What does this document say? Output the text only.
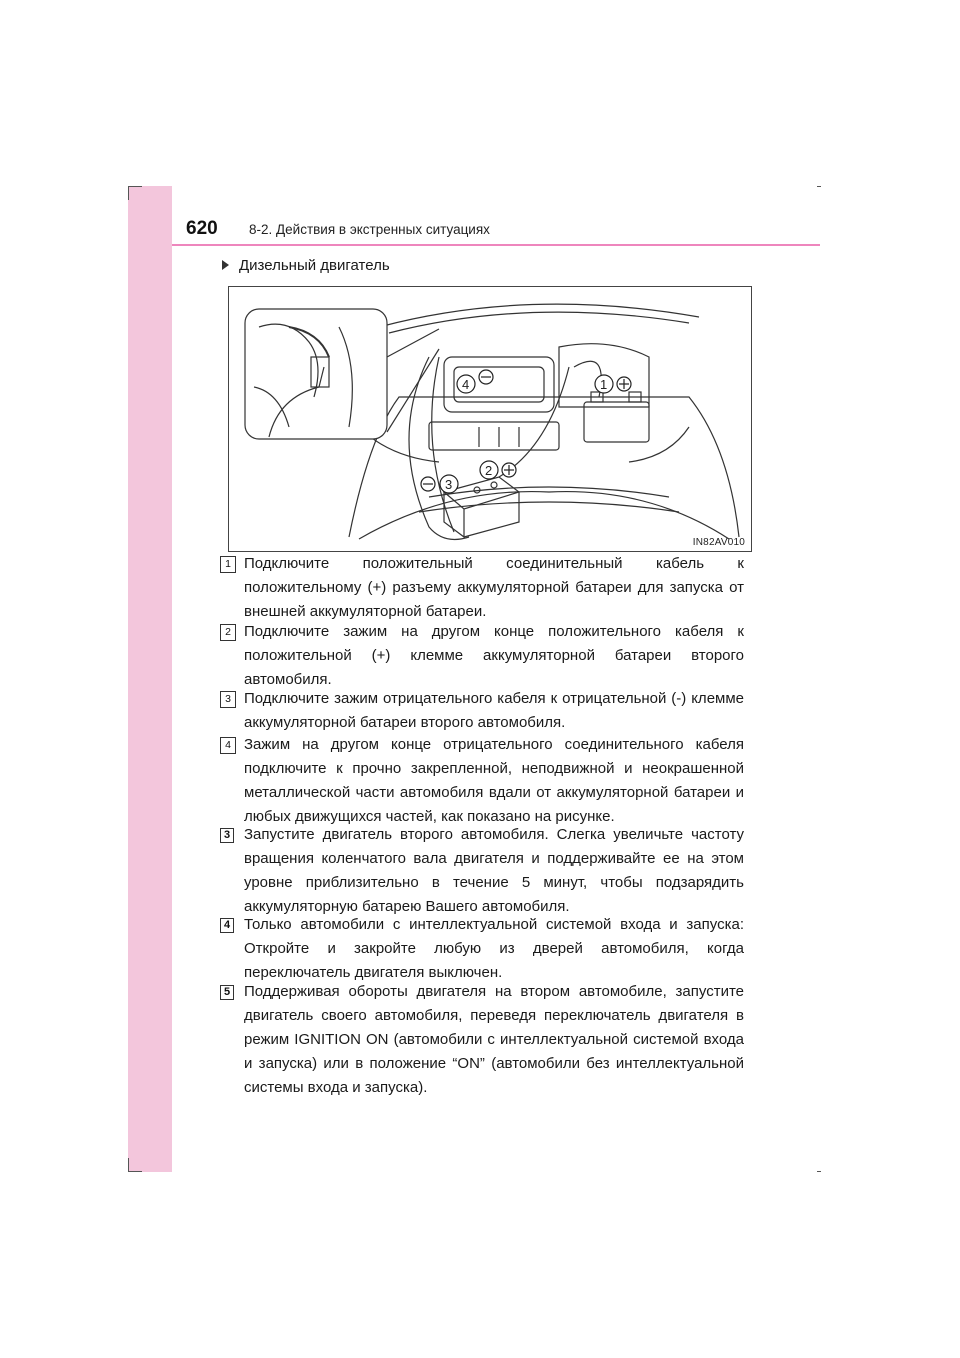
620 8-2. Действия в экстренных ситуациях
Дизельный двигатель
4	1
2
3
IN82AV010
1 Подключите положительный соединительный кабель к положительному (+) разъему аккумуляторной батареи для запуска от внешней аккумуляторной батареи.
2 Подключите зажим на другом конце положительного кабеля к положительной (+) клемме аккумуляторной батареи второго автомобиля.
3 Подключите зажим отрицательного кабеля к отрицательной (-) клемме аккумуляторной батареи второго автомобиля.
4 Зажим на другом конце отрицательного соединительного кабеля подключите к прочно закрепленной, неподвижной и неокрашенной металлической части автомобиля вдали от аккумуляторной батареи и любых движущихся частей, как показано на рисунке.
3 Запустите двигатель второго автомобиля. Слегка увеличьте частоту вращения коленчатого вала двигателя и поддерживайте ее на этом уровне приблизительно в течение 5 минут, чтобы подзарядить аккумуляторную батарею Вашего автомобиля.
4 Только автомобили с интеллектуальной системой входа и запуска: Откройте и закройте любую из дверей автомобиля, когда переключатель двигателя выключен.
5 Поддерживая обороты двигателя на втором автомобиле, запустите двигатель своего автомобиля, переведя переключатель двигателя в режим IGNITION ON (автомобили с интеллектуальной системой входа и запуска) или в положение “ON” (автомобили без интеллектуальной системы входа и запуска).
